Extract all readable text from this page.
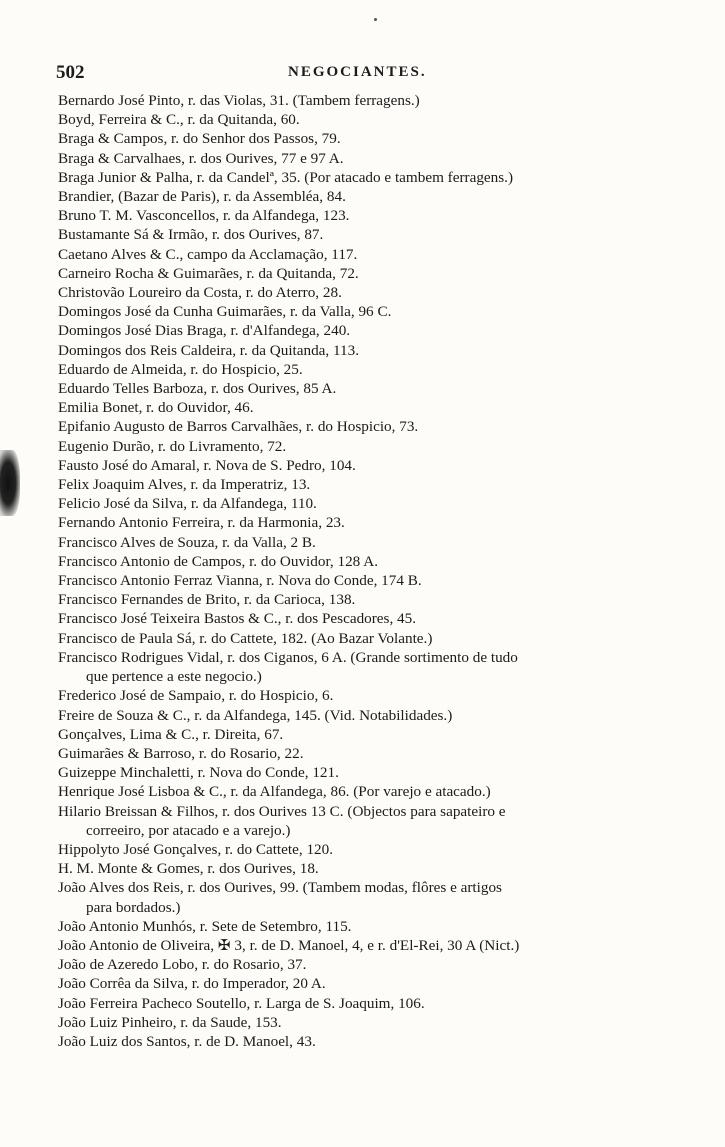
502	NEGOCIANTES.
Bernardo José Pinto, r. das Violas, 31. (Tambem ferragens.)
Boyd, Ferreira & C., r. da Quitanda, 60.
Braga & Campos, r. do Senhor dos Passos, 79.
Braga & Carvalhaes, r. dos Ourives, 77 e 97 A.
Braga Junior & Palha, r. da Candelª, 35. (Por atacado e tambem ferragens.)
Brandier, (Bazar de Paris), r. da Assembléa, 84.
Bruno T. M. Vasconcellos, r. da Alfandega, 123.
Bustamante Sá & Irmão, r. dos Ourives, 87.
Caetano Alves & C., campo da Acclamação, 117.
Carneiro Rocha & Guimarães, r. da Quitanda, 72.
Christovão Loureiro da Costa, r. do Aterro, 28.
Domingos José da Cunha Guimarães, r. da Valla, 96 C.
Domingos José Dias Braga, r. d'Alfandega, 240.
Domingos dos Reis Caldeira, r. da Quitanda, 113.
Eduardo de Almeida, r. do Hospicio, 25.
Eduardo Telles Barboza, r. dos Ourives, 85 A.
Emilia Bonet, r. do Ouvidor, 46.
Epifanio Augusto de Barros Carvalhães, r. do Hospicio, 73.
Eugenio Durão, r. do Livramento, 72.
Fausto José do Amaral, r. Nova de S. Pedro, 104.
Felix Joaquim Alves, r. da Imperatriz, 13.
Felicio José da Silva, r. da Alfandega, 110.
Fernando Antonio Ferreira, r. da Harmonia, 23.
Francisco Alves de Souza, r. da Valla, 2 B.
Francisco Antonio de Campos, r. do Ouvidor, 128 A.
Francisco Antonio Ferraz Vianna, r. Nova do Conde, 174 B.
Francisco Fernandes de Brito, r. da Carioca, 138.
Francisco José Teixeira Bastos & C., r. dos Pescadores, 45.
Francisco de Paula Sá, r. do Cattete, 182. (Ao Bazar Volante.)
Francisco Rodrigues Vidal, r. dos Ciganos, 6 A. (Grande sortimento de tudo
que pertence a este negocio.)
Frederico José de Sampaio, r. do Hospicio, 6.
Freire de Souza & C., r. da Alfandega, 145. (Vid. Notabilidades.)
Gonçalves, Lima & C., r. Direita, 67.
Guimarães & Barroso, r. do Rosario, 22.
Guizeppe Minchaletti, r. Nova do Conde, 121.
Henrique José Lisboa & C., r. da Alfandega, 86. (Por varejo e atacado.)
Hilario Breissan & Filhos, r. dos Ourives 13 C. (Objectos para sapateiro e
correeiro, por atacado e a varejo.)
Hippolyto José Gonçalves, r. do Cattete, 120.
H. M. Monte & Gomes, r. dos Ourives, 18.
João Alves dos Reis, r. dos Ourives, 99. (Tambem modas, flôres e artigos
para bordados.)
João Antonio Munhós, r. Sete de Setembro, 115.
João Antonio de Oliveira, ✠ 3, r. de D. Manoel, 4, e r. d'El-Rei, 30 A (Nict.)
João de Azeredo Lobo, r. do Rosario, 37.
João Corrêa da Silva, r. do Imperador, 20 A.
João Ferreira Pacheco Soutello, r. Larga de S. Joaquim, 106.
João Luiz Pinheiro, r. da Saude, 153.
João Luiz dos Santos, r. de D. Manoel, 43.
